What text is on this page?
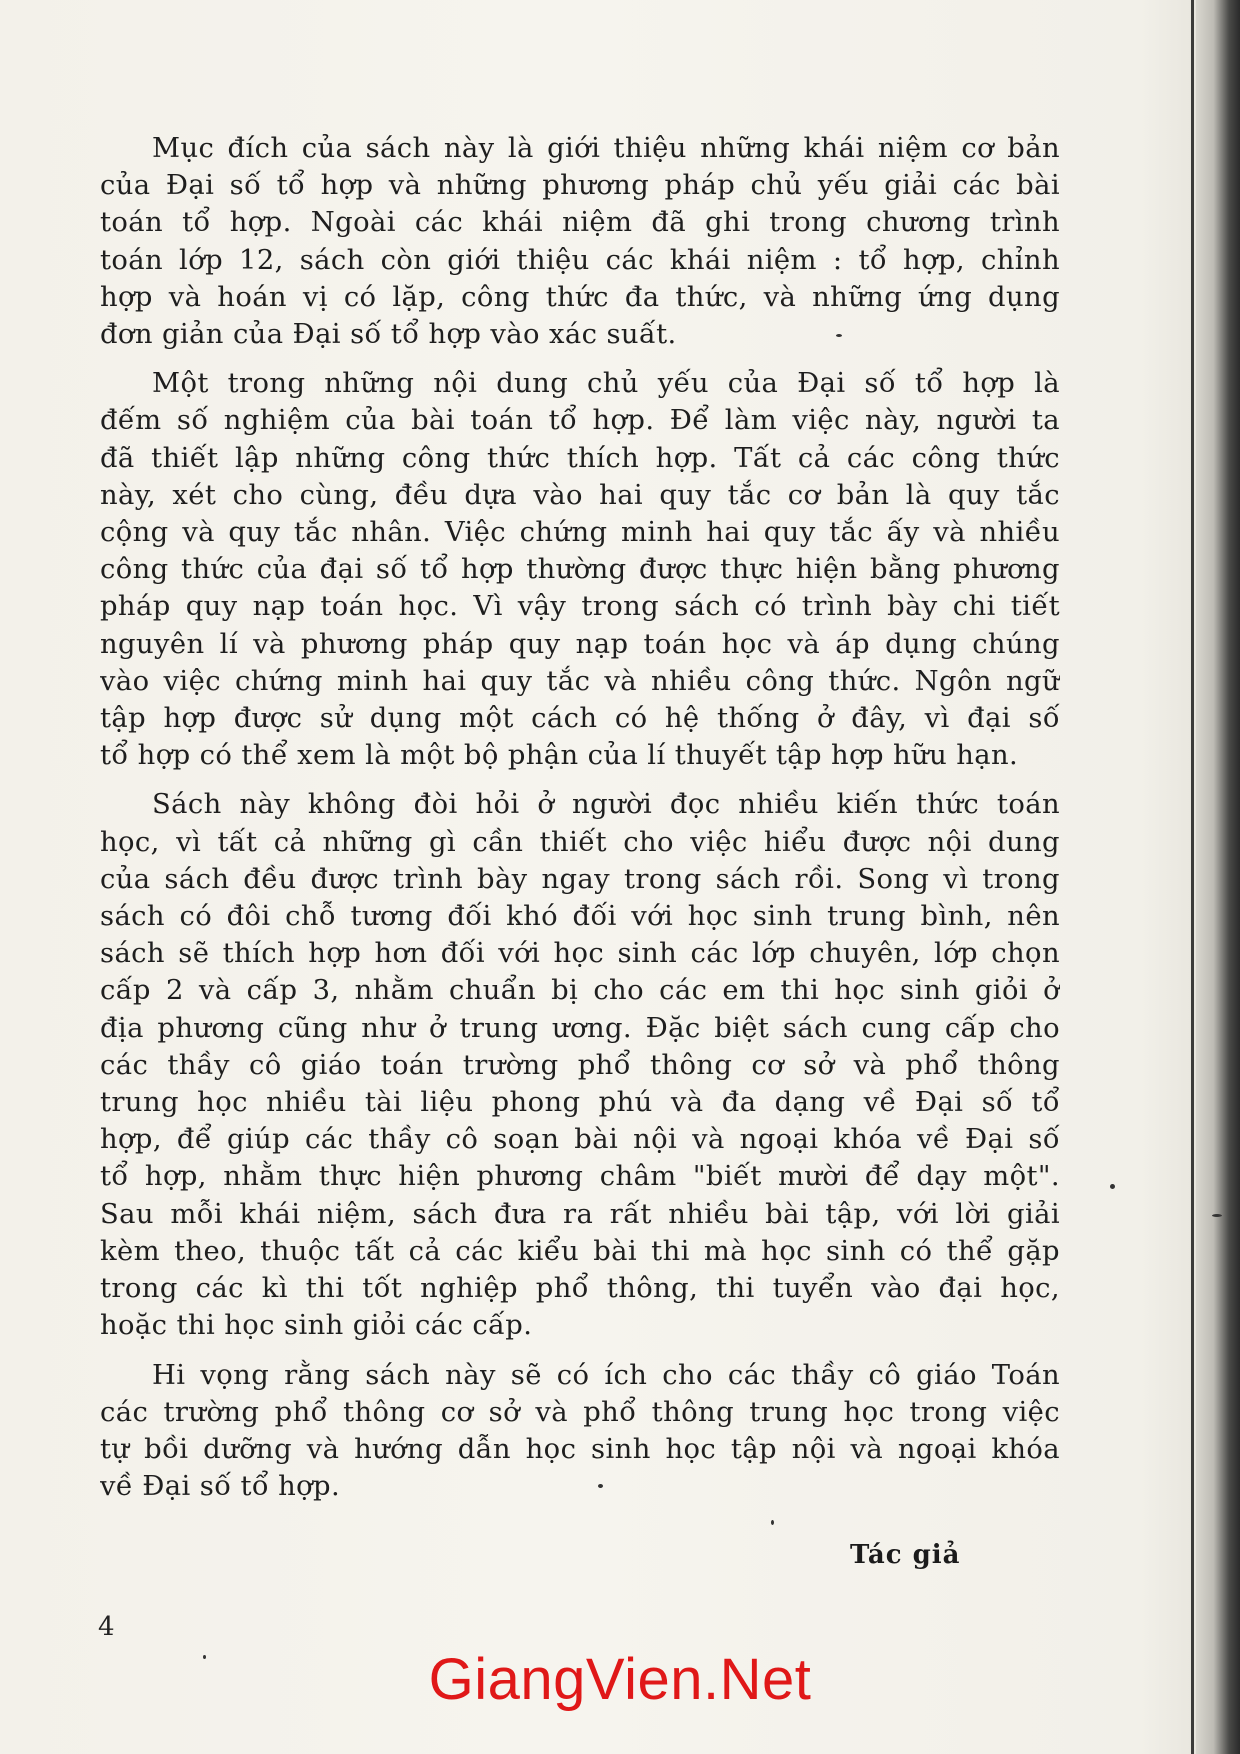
Mục đích của sách này là giới thiệu những khái niệm cơ bản
của Đại số tổ hợp và những phương pháp chủ yếu giải các bài
toán tổ hợp. Ngoài các khái niệm đã ghi trong chương trình
toán lớp 12, sách còn giới thiệu các khái niệm : tổ hợp, chỉnh
hợp và hoán vị có lặp, công thức đa thức, và những ứng dụng
đơn giản của Đại số tổ hợp vào xác suất.

Một trong những nội dung chủ yếu của Đại số tổ hợp là
đếm số nghiệm của bài toán tổ hợp. Để làm việc này, người ta
đã thiết lập những công thức thích hợp. Tất cả các công thức
này, xét cho cùng, đều dựa vào hai quy tắc cơ bản là quy tắc
cộng và quy tắc nhân. Việc chứng minh hai quy tắc ấy và nhiều
công thức của đại số tổ hợp thường được thực hiện bằng phương
pháp quy nạp toán học. Vì vậy trong sách có trình bày chi tiết
nguyên lí và phương pháp quy nạp toán học và áp dụng chúng
vào việc chứng minh hai quy tắc và nhiều công thức. Ngôn ngữ
tập hợp được sử dụng một cách có hệ thống ở đây, vì đại số
tổ hợp có thể xem là một bộ phận của lí thuyết tập hợp hữu hạn.

Sách này không đòi hỏi ở người đọc nhiều kiến thức toán
học, vì tất cả những gì cần thiết cho việc hiểu được nội dung
của sách đều được trình bày ngay trong sách rồi. Song vì trong
sách có đôi chỗ tương đối khó đối với học sinh trung bình, nên
sách sẽ thích hợp hơn đối với học sinh các lớp chuyên, lớp chọn
cấp 2 và cấp 3, nhằm chuẩn bị cho các em thi học sinh giỏi ở
địa phương cũng như ở trung ương. Đặc biệt sách cung cấp cho
các thầy cô giáo toán trường phổ thông cơ sở và phổ thông
trung học nhiều tài liệu phong phú và đa dạng về Đại số tổ
hợp, để giúp các thầy cô soạn bài nội và ngoại khóa về Đại số
tổ hợp, nhằm thực hiện phương châm "biết mười để dạy một".
Sau mỗi khái niệm, sách đưa ra rất nhiều bài tập, với lời giải
kèm theo, thuộc tất cả các kiểu bài thi mà học sinh có thể gặp
trong các kì thi tốt nghiệp phổ thông, thi tuyển vào đại học,
hoặc thi học sinh giỏi các cấp.

Hi vọng rằng sách này sẽ có ích cho các thầy cô giáo Toán
các trường phổ thông cơ sở và phổ thông trung học trong việc
tự bồi dưỡng và hướng dẫn học sinh học tập nội và ngoại khóa
về Đại số tổ hợp.

Tác giả
4
GiangVien.Net
